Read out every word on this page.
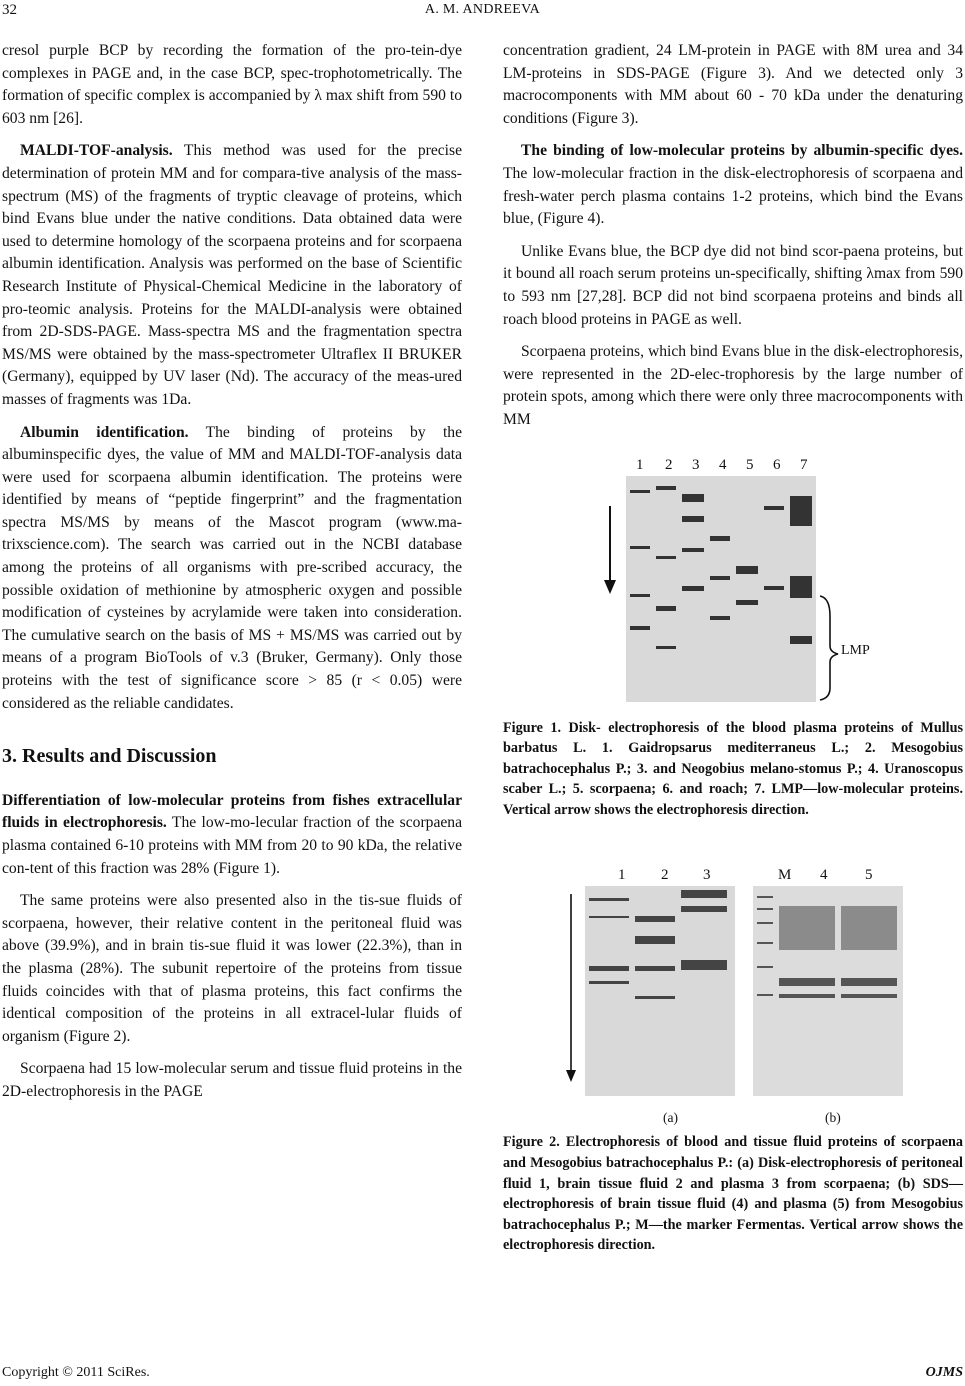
32	A. M. ANDREEVA

cresol purple BCP by recording the formation of the pro-tein-dye complexes in PAGE and, in the case BCP, spec-trophotometrically. The formation of specific complex is accompanied by λ max shift from 590 to 603 nm [26].

MALDI-TOF-analysis. This method was used for the precise determination of protein MM and for compara-tive analysis of the mass-spectrum (MS) of the fragments of tryptic cleavage of proteins, which bind Evans blue under the native conditions. Data obtained data were used to determine homology of the scorpaena proteins and for scorpaena albumin identification. Analysis was performed on the base of Scientific Research Institute of Physical-Chemical Medicine in the laboratory of pro-teomic analysis. Proteins for the MALDI-analysis were obtained from 2D-SDS-PAGE. Mass-spectra MS and the fragmentation spectra MS/MS were obtained by the mass-spectrometer Ultraflex II BRUKER (Germany), equipped by UV laser (Nd). The accuracy of the meas-ured masses of fragments was 1Da.

Albumin identification. The binding of proteins by the albuminspecific dyes, the value of MM and MALDI-TOF-analysis data were used for scorpaena albumin identification. The proteins were identified by means of “peptide fingerprint” and the fragmentation spectra MS/MS by means of the Mascot program (www.ma-trixscience.com). The search was carried out in the NCBI database among the proteins of all organisms with pre-scribed accuracy, the possible oxidation of methionine by atmospheric oxygen and possible modification of cysteines by acrylamide were taken into consideration. The cumulative search on the basis of MS + MS/MS was carried out by means of a program BioTools of v.3 (Bruker, Germany). Only those proteins with the test of significance score > 85 (r < 0.05) were considered as the reliable candidates.

3. Results and Discussion

Differentiation of low-molecular proteins from fishes extracellular fluids in electrophoresis. The low-mo-lecular fraction of the scorpaena plasma contained 6-10 proteins with MM from 20 to 90 kDa, the relative con-tent of this fraction was 28% (Figure 1).

The same proteins were also presented also in the tis-sue fluids of scorpaena, however, their relative content in the peritoneal fluid was above (39.9%), and in brain tis-sue fluid it was lower (22.3%), than in the plasma (28%). The subunit repertoire of the proteins from tissue fluids coincides with that of plasma proteins, this fact confirms the identical composition of the proteins in all extracel-lular fluids of organism (Figure 2).

Scorpaena had 15 low-molecular serum and tissue fluid proteins in the 2D-electrophoresis in the PAGE

concentration gradient, 24 LM-protein in PAGE with 8M urea and 34 LM-proteins in SDS-PAGE (Figure 3). And we detected only 3 macrocomponents with MM about 60 - 70 kDa under the denaturing conditions (Figure 3).

The binding of low-molecular proteins by albumin-specific dyes. The low-molecular fraction in the disk-electrophoresis of scorpaena and fresh-water perch plasma contains 1-2 proteins, which bind the Evans blue, (Figure 4).

Unlike Evans blue, the BCP dye did not bind scor-paena proteins, but it bound all roach serum proteins un-specifically, shifting λmax from 590 to 593 nm [27,28]. BCP did not bind scorpaena proteins and binds all roach blood proteins in PAGE as well.

Scorpaena proteins, which bind Evans blue in the disk-electrophoresis, were represented in the 2D-elec-trophoresis by the large number of protein spots, among which there were only three macrocomponents with MM

1 2 3 4 5 6 7
LMP
Figure 1. Disk- electrophoresis of the blood plasma proteins of Mullus barbatus L. 1. Gaidropsarus mediterraneus L.; 2. Mesogobius batrachocephalus P.; 3. and Neogobius melano-stomus P.; 4. Uranoscopus scaber L.; 5. scorpaena; 6. and roach; 7. LMP—low-molecular proteins. Vertical arrow shows the electrophoresis direction.
1 2 3	M 4	5
(a)	(b)
Figure 2. Electrophoresis of blood and tissue fluid proteins of scorpaena and Mesogobius batrachocephalus P.: (a) Disk-electrophoresis of peritoneal fluid 1, brain tissue fluid 2 and plasma 3 from scorpaena; (b) SDS—electrophoresis of brain tissue fluid (4) and plasma (5) from Mesogobius batrachocephalus P.; M—the marker Fermentas. Vertical arrow shows the electrophoresis direction.
Copyright © 2011 SciRes.	OJMS
